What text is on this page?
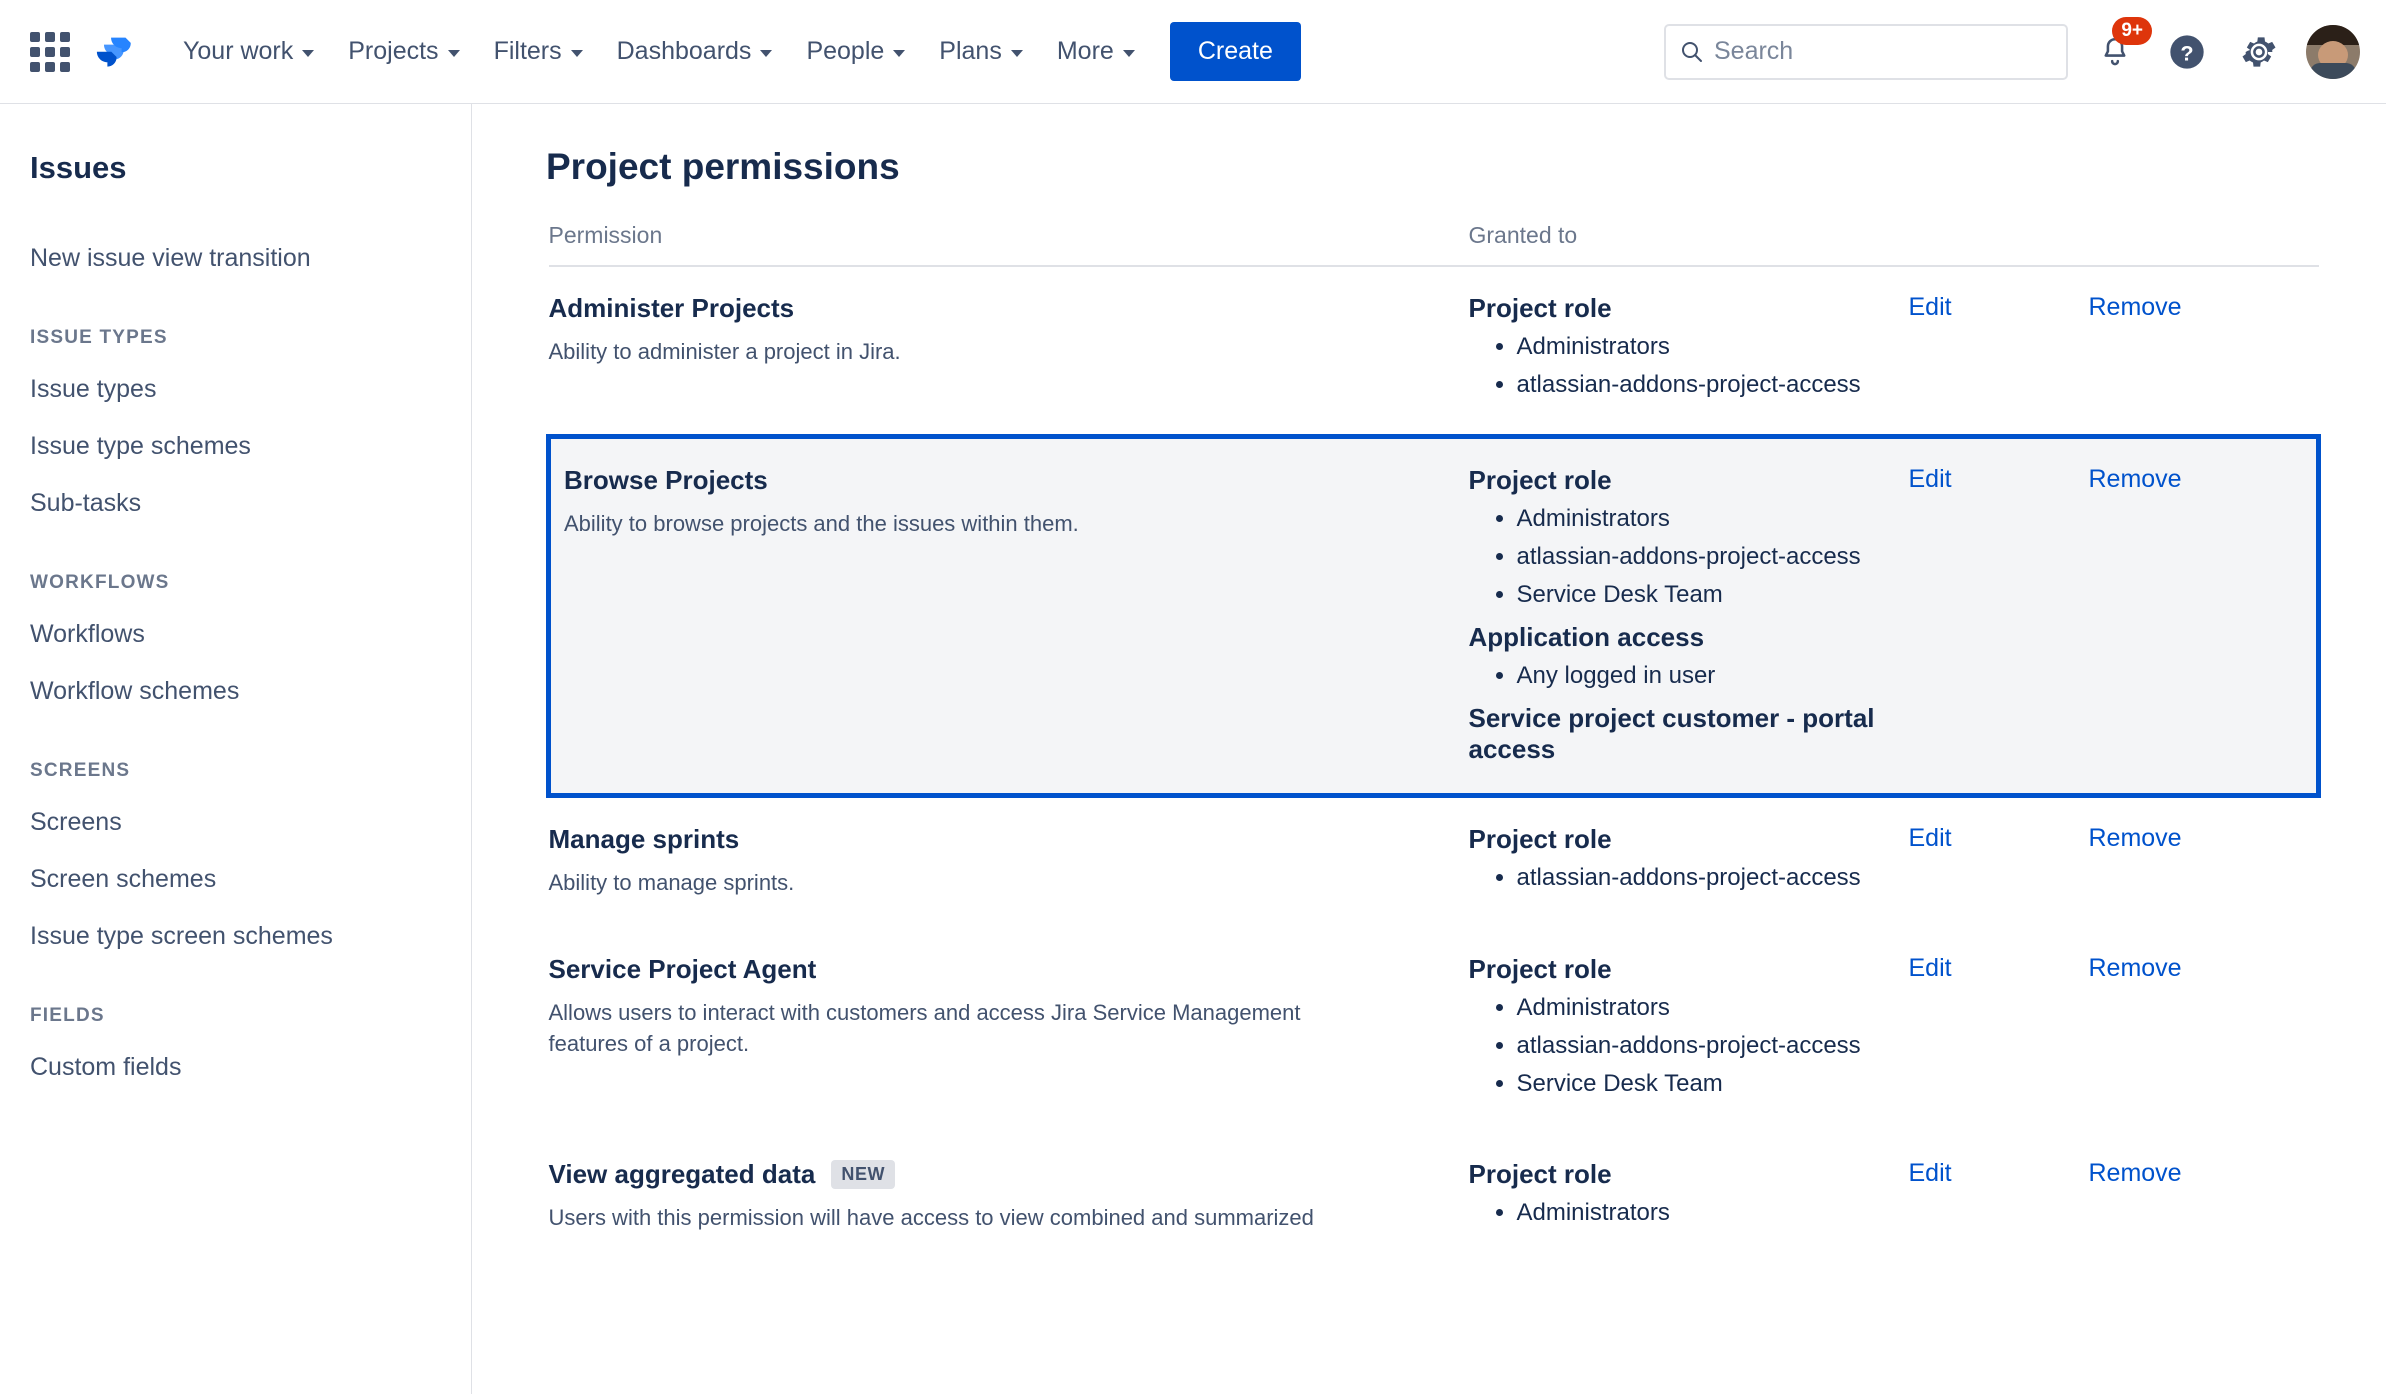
Your work Projects Filters Dashboards People Plans More	Create
Search
9+
?
Issues
New issue view transition
ISSUE TYPES
Issue types
Issue type schemes
Sub-tasks
WORKFLOWS
Workflows
Workflow schemes
SCREENS
Screens
Screen schemes
Issue type screen schemes
FIELDS
Custom fields
Project permissions
Permission	Granted to		

Administer Projects
Ability to administer a project in Jira.

Project role
• Administrators
• atlassian-addons-project-access
	Edit	Remove

Browse Projects
Ability to browse projects and the issues within them.

Project role
• Administrators
• atlassian-addons-project-access
• Service Desk Team
Application access
• Any logged in user
Service project customer - portal access
	Edit	Remove

Manage sprints
Ability to manage sprints.

Project role
• atlassian-addons-project-access
	Edit	Remove

Service Project Agent
Allows users to interact with customers and access Jira Service Management features of a project.

Project role
• Administrators
• atlassian-addons-project-access
• Service Desk Team
	Edit	Remove

View aggregated data	NEW
Users with this permission will have access to view combined and summarized

Project role
• Administrators
	Edit	Remove
